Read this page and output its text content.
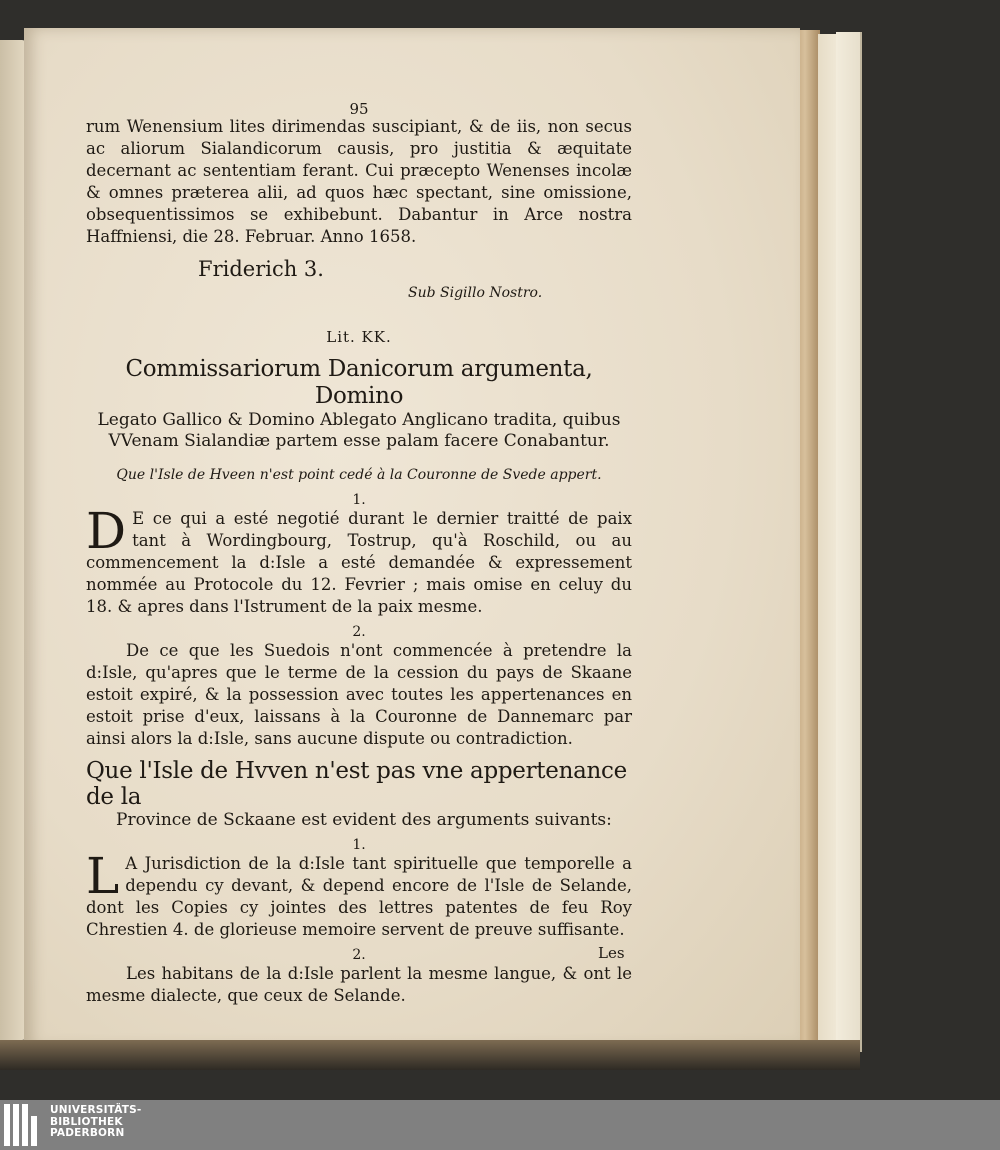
95

rum Wenensium lites dirimendas suscipiant, & de iis, non secus ac aliorum Sialandicorum causis, pro justitia & æquitate decernant ac sententiam ferant. Cui præcepto Wenenses incolæ & omnes præterea alii, ad quos hæc spectant, sine omissione, obsequentissimos se exhibebunt. Dabantur in Arce nostra Haffniensi, die 28. Februar. Anno 1658.

Friderich 3.
Sub Sigillo Nostro.
Lit. KK.
Commissariorum Danicorum argumenta, Domino
Legato Gallico & Domino Ablegato Anglicano tradita, quibus VVenam Sialandiæ partem esse palam facere Conabantur.
Que l'Isle de Hveen n'est point cedé à la Couronne de Svede appert.
1.

D E ce qui a esté negotié durant le dernier traitté de paix tant à Wordingbourg, Tostrup, qu'à Roschild, ou au commencement la d:Isle a esté demandée & expressement nommée au Protocole du 12. Fevrier ; mais omise en celuy du 18. & apres dans l'Istrument de la paix mesme.

2.

De ce que les Suedois n'ont commencée à pretendre la d:Isle, qu'apres que le terme de la cession du pays de Skaane estoit expiré, & la possession avec toutes les appertenances en estoit prise d'eux, laissans à la Couronne de Dannemarc par ainsi alors la d:Isle, sans aucune dispute ou contradiction.

Que l'Isle de Hvven n'est pas vne appertenance de la
Province de Sckaane est evident des arguments suivants:
1.

L A Jurisdiction de la d:Isle tant spirituelle que temporelle a dependu cy devant, & depend encore de l'Isle de Selande, dont les Copies cy jointes des lettres patentes de feu Roy Chrestien 4. de glorieuse memoire servent de preuve suffisante.

2.

Les habitans de la d:Isle parlent la mesme langue, & ont le mesme dialecte, que ceux de Selande.

Les
UNIVERSITÄTS-
BIBLIOTHEK
PADERBORN
